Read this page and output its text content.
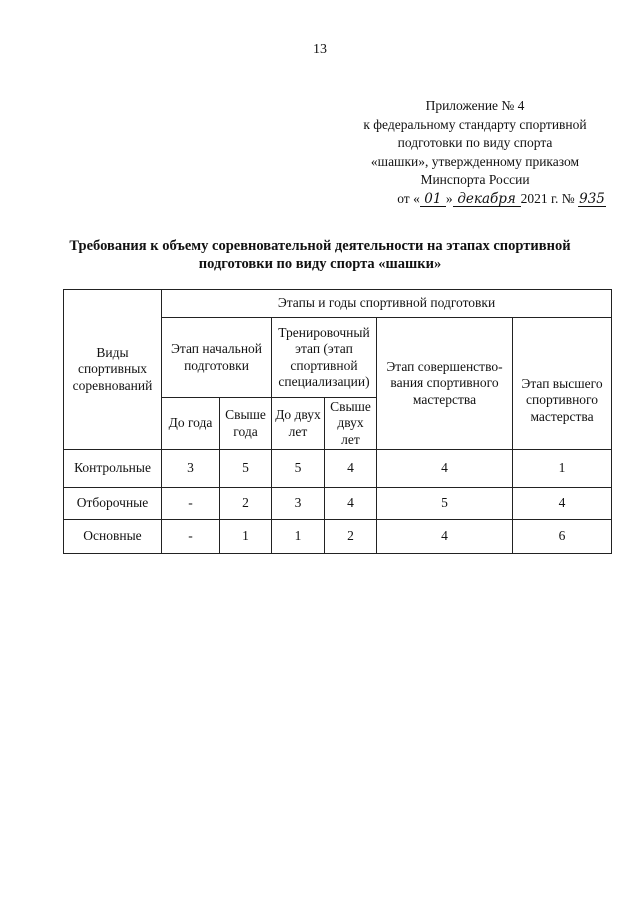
13
Приложение № 4
к федеральному стандарту спортивной
подготовки по виду спорта
«шашки», утвержденному приказом
Минспорта России
от « 01 » декабря 2021 г. № 935
Требования к объему соревновательной деятельности на этапах спортивной
подготовки по виду спорта «шашки»
Виды спортивных соревнований	Этапы и годы спортивной подготовки					
	Этап начальной подготовки		Тренировочный этап (этап спортивной специализации)		Этап совершенство-вания спортивного мастерства	Этап высшего спортивного мастерства
	До года	Свыше года	До двух лет	Свыше двух лет		
Контрольные	3	5	5	4	4	1
Отборочные	-	2	3	4	5	4
Основные	-	1	1	2	4	6
